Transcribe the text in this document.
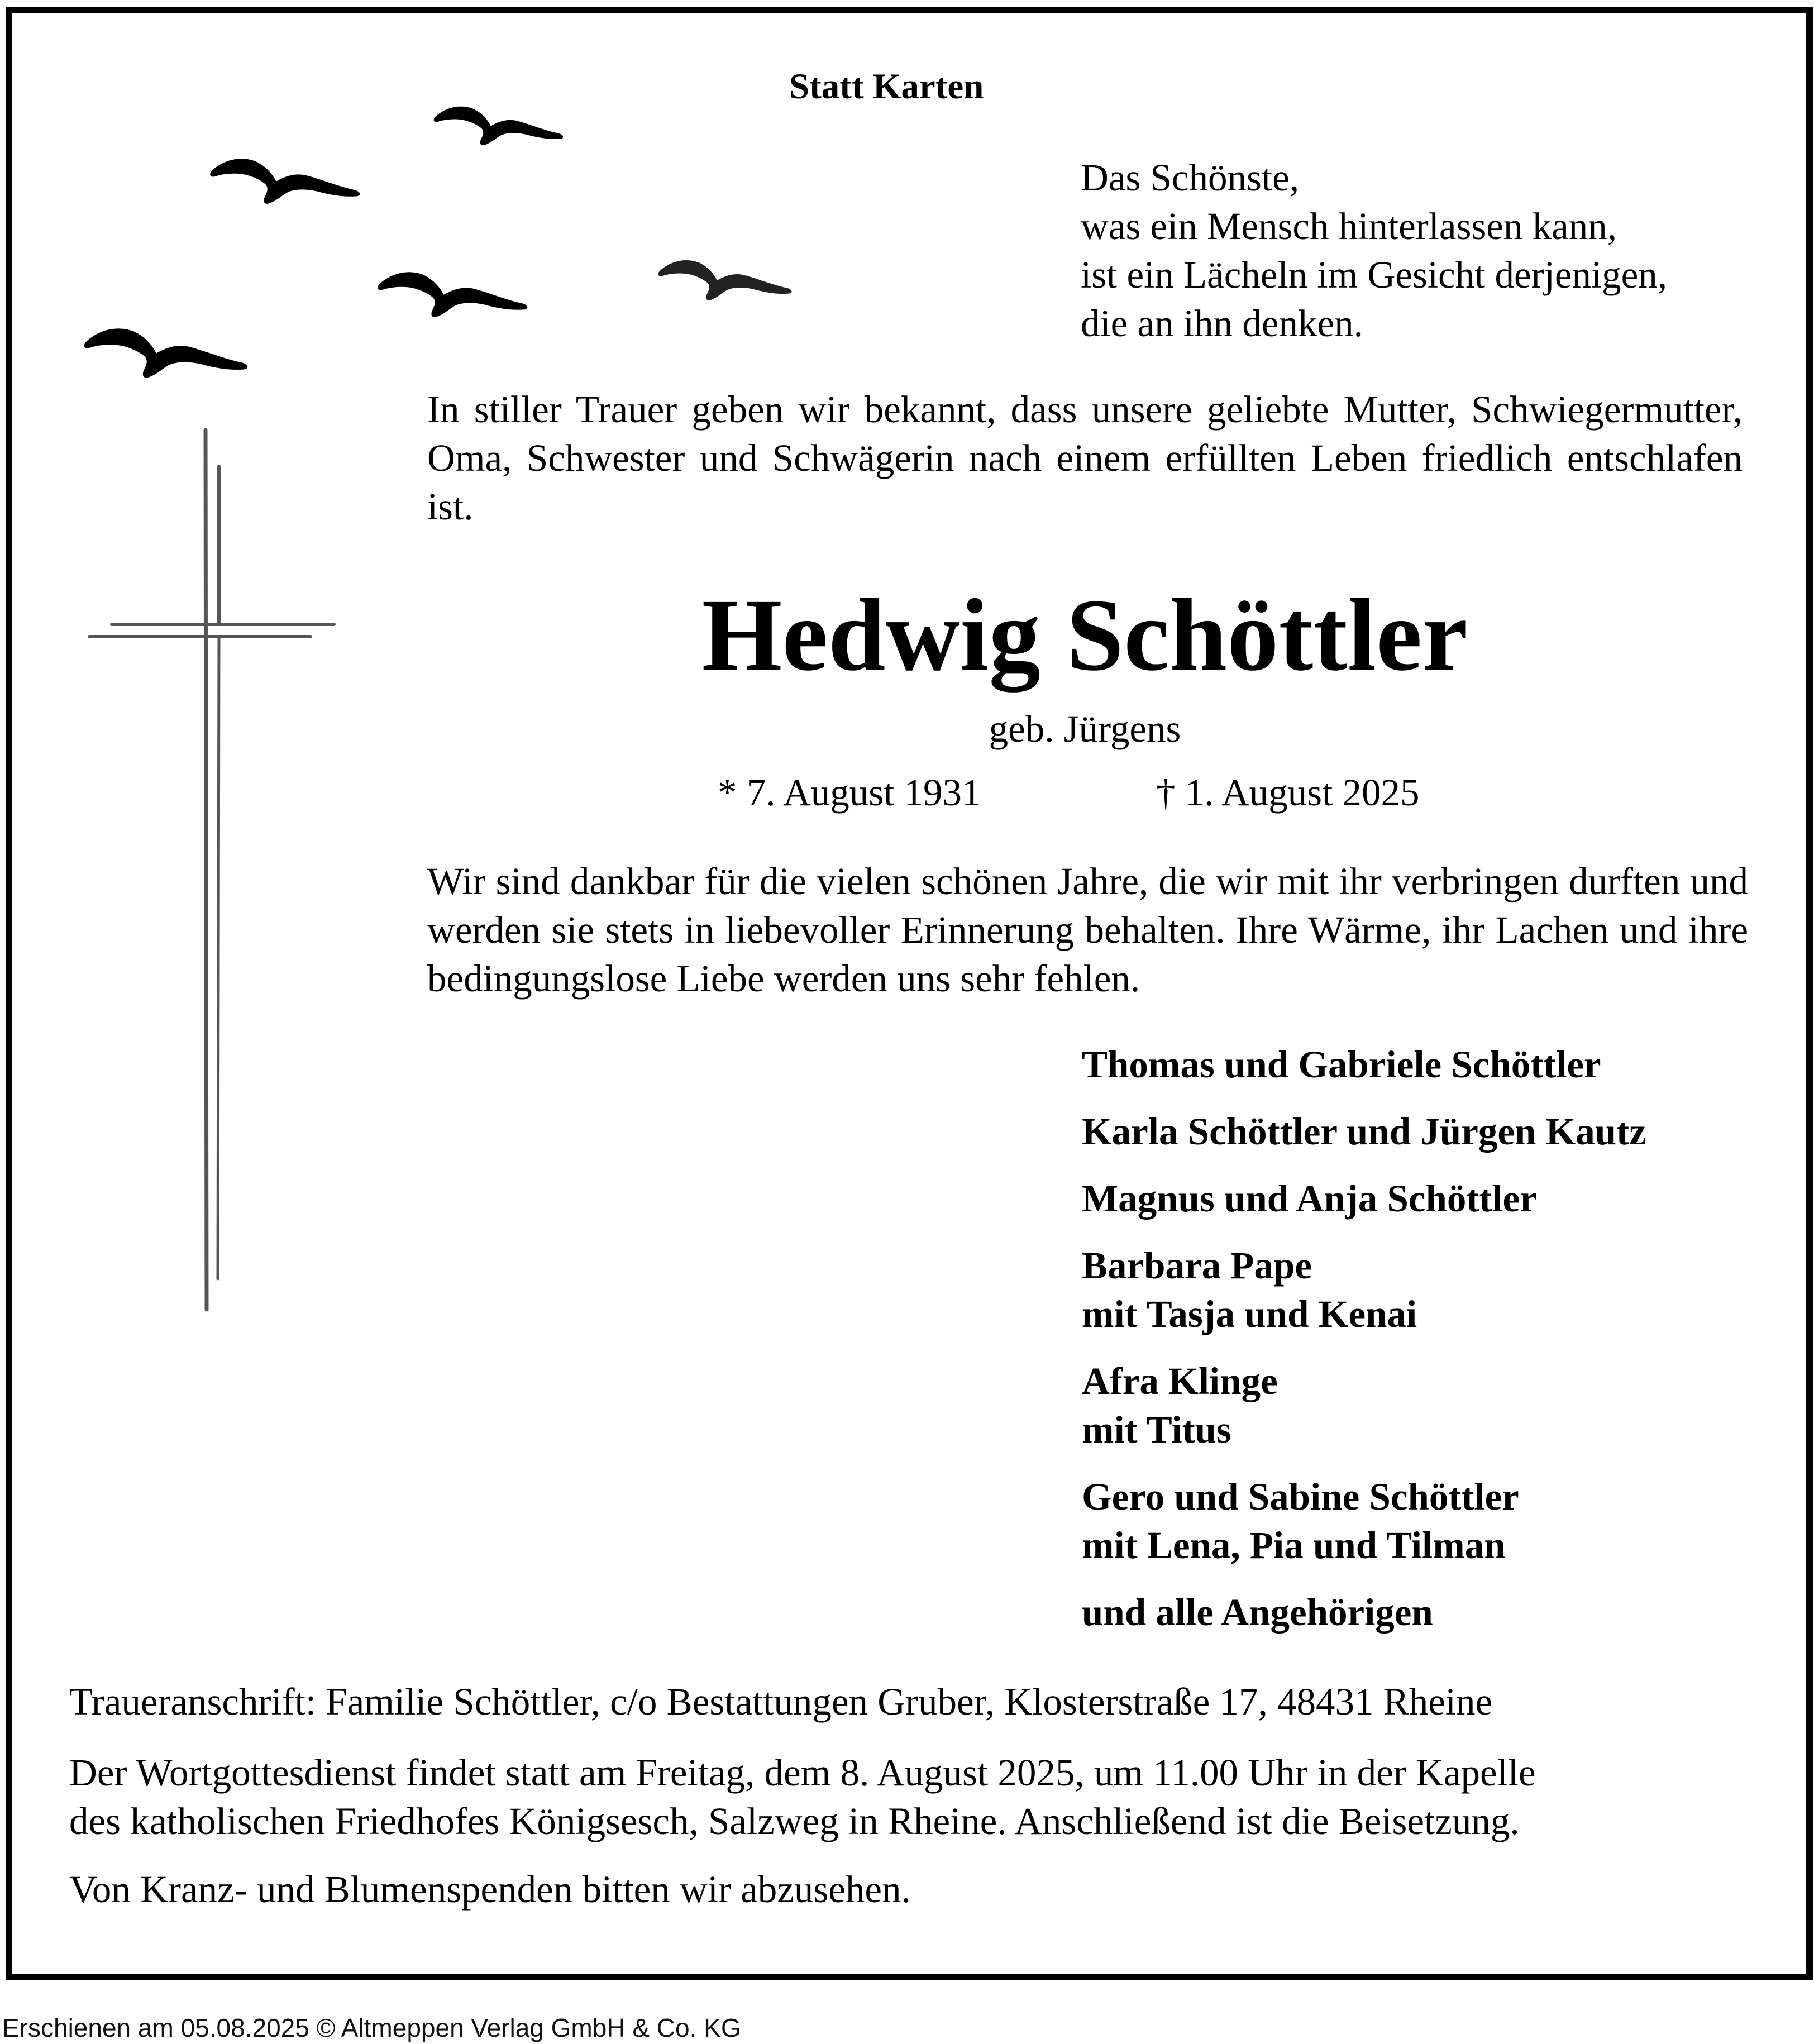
Statt Karten
Das Schönste,
was ein Mensch hinterlassen kann,
ist ein Lächeln im Gesicht derjenigen,
die an ihn denken.
In stiller Trauer geben wir bekannt, dass unsere geliebte Mutter, Schwiegermutter, Oma, Schwester und Schwägerin nach einem erfüllten Leben friedlich entschlafen ist.
Hedwig Schöttler
geb. Jürgens
* 7. August 1931	† 1. August 2025
Wir sind dankbar für die vielen schönen Jahre, die wir mit ihr verbringen durften und werden sie stets in liebevoller Erinnerung behalten. Ihre Wärme, ihr Lachen und ihre bedingungslose Liebe werden uns sehr fehlen.
Thomas und Gabriele Schöttler
Karla Schöttler und Jürgen Kautz
Magnus und Anja Schöttler
Barbara Pape
mit Tasja und Kenai
Afra Klinge
mit Titus
Gero und Sabine Schöttler
mit Lena, Pia und Tilman
und alle Angehörigen
Traueranschrift: Familie Schöttler, c/o Bestattungen Gruber, Klosterstraße 17, 48431 Rheine
Der Wortgottesdienst findet statt am Freitag, dem 8. August 2025, um 11.00 Uhr in der Kapelle
des katholischen Friedhofes Königsesch, Salzweg in Rheine. Anschließend ist die Beisetzung.
Von Kranz- und Blumenspenden bitten wir abzusehen.
Erschienen am 05.08.2025 © Altmeppen Verlag GmbH & Co. KG
